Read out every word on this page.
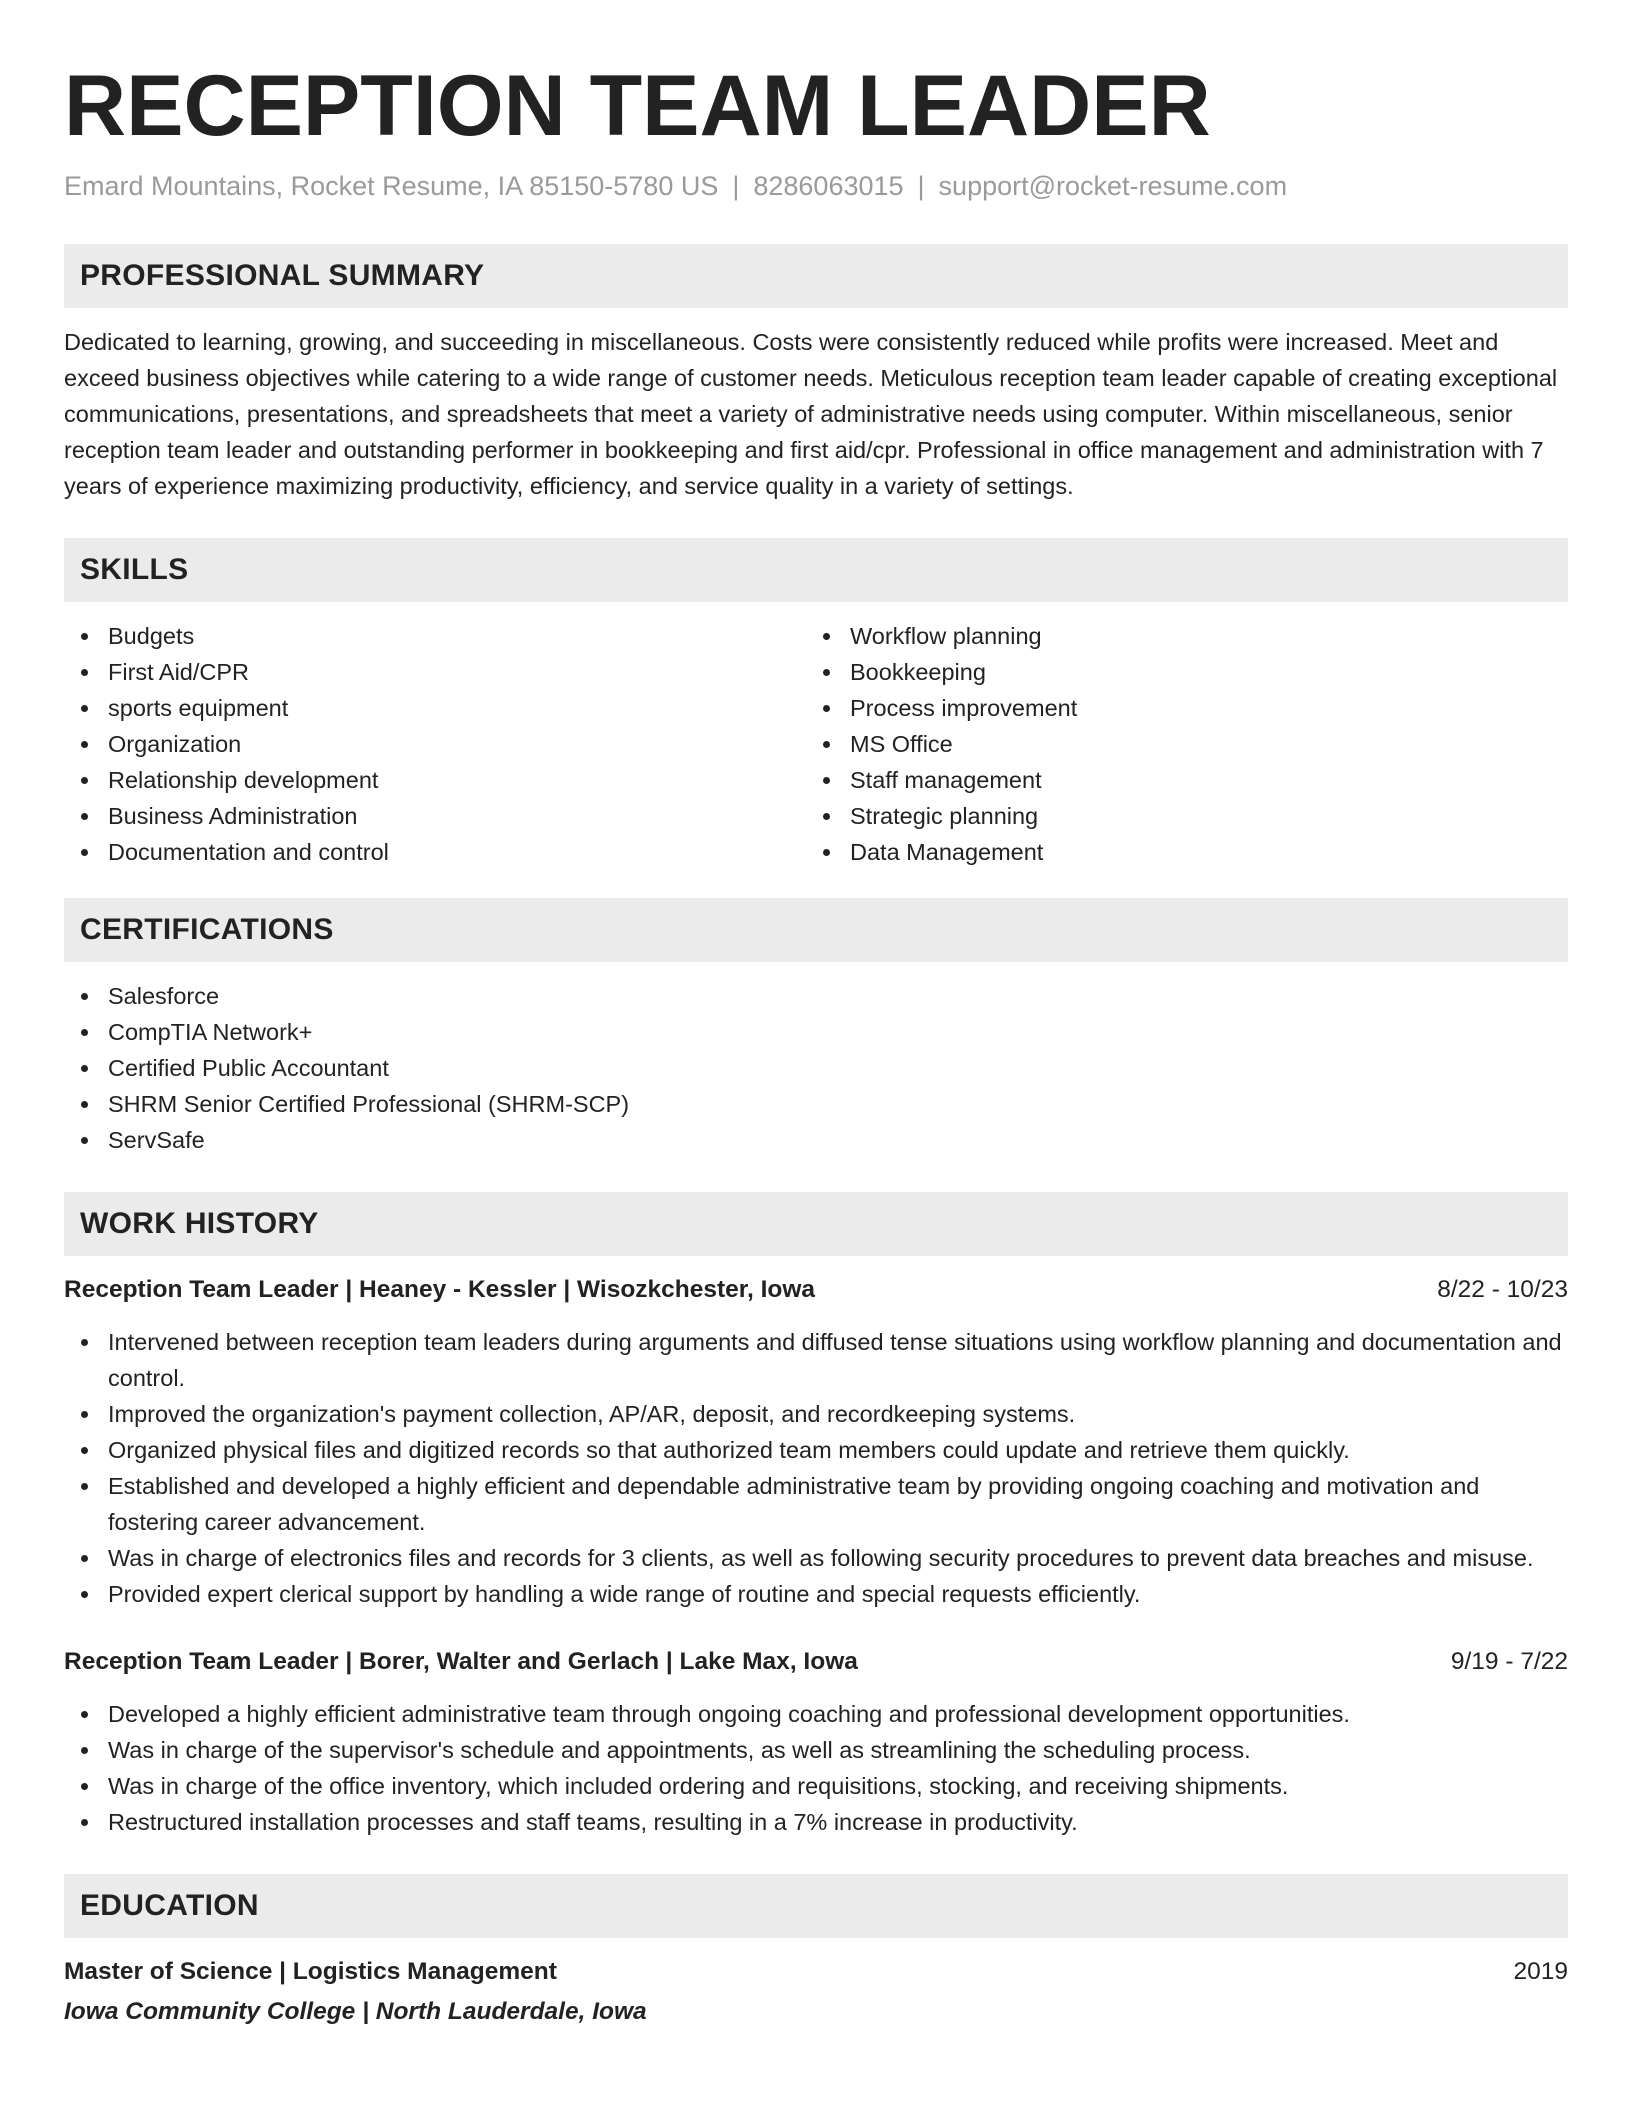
RECEPTION TEAM LEADER
Emard Mountains, Rocket Resume, IA 85150-5780 US | 8286063015 | support@rocket-resume.com
PROFESSIONAL SUMMARY

Dedicated to learning, growing, and succeeding in miscellaneous. Costs were consistently reduced while profits were increased. Meet and exceed business objectives while catering to a wide range of customer needs. Meticulous reception team leader capable of creating exceptional communications, presentations, and spreadsheets that meet a variety of administrative needs using computer. Within miscellaneous, senior reception team leader and outstanding performer in bookkeeping and first aid/cpr. Professional in office management and administration with 7 years of experience maximizing productivity, efficiency, and service quality in a variety of settings.

SKILLS
Budgets
First Aid/CPR
sports equipment
Organization
Relationship development
Business Administration
Documentation and control
Workflow planning
Bookkeeping
Process improvement
MS Office
Staff management
Strategic planning
Data Management
CERTIFICATIONS
Salesforce
CompTIA Network+
Certified Public Accountant
SHRM Senior Certified Professional (SHRM-SCP)
ServSafe
WORK HISTORY
Reception Team Leader | Heaney - Kessler | Wisozkchester, Iowa	8/22 - 10/23
Intervened between reception team leaders during arguments and diffused tense situations using workflow planning and documentation and control.
Improved the organization's payment collection, AP/AR, deposit, and recordkeeping systems.
Organized physical files and digitized records so that authorized team members could update and retrieve them quickly.
Established and developed a highly efficient and dependable administrative team by providing ongoing coaching and motivation and fostering career advancement.
Was in charge of electronics files and records for 3 clients, as well as following security procedures to prevent data breaches and misuse.
Provided expert clerical support by handling a wide range of routine and special requests efficiently.
Reception Team Leader | Borer, Walter and Gerlach | Lake Max, Iowa	9/19 - 7/22
Developed a highly efficient administrative team through ongoing coaching and professional development opportunities.
Was in charge of the supervisor's schedule and appointments, as well as streamlining the scheduling process.
Was in charge of the office inventory, which included ordering and requisitions, stocking, and receiving shipments.
Restructured installation processes and staff teams, resulting in a 7% increase in productivity.
EDUCATION
Master of Science | Logistics Management	2019
Iowa Community College | North Lauderdale, Iowa
